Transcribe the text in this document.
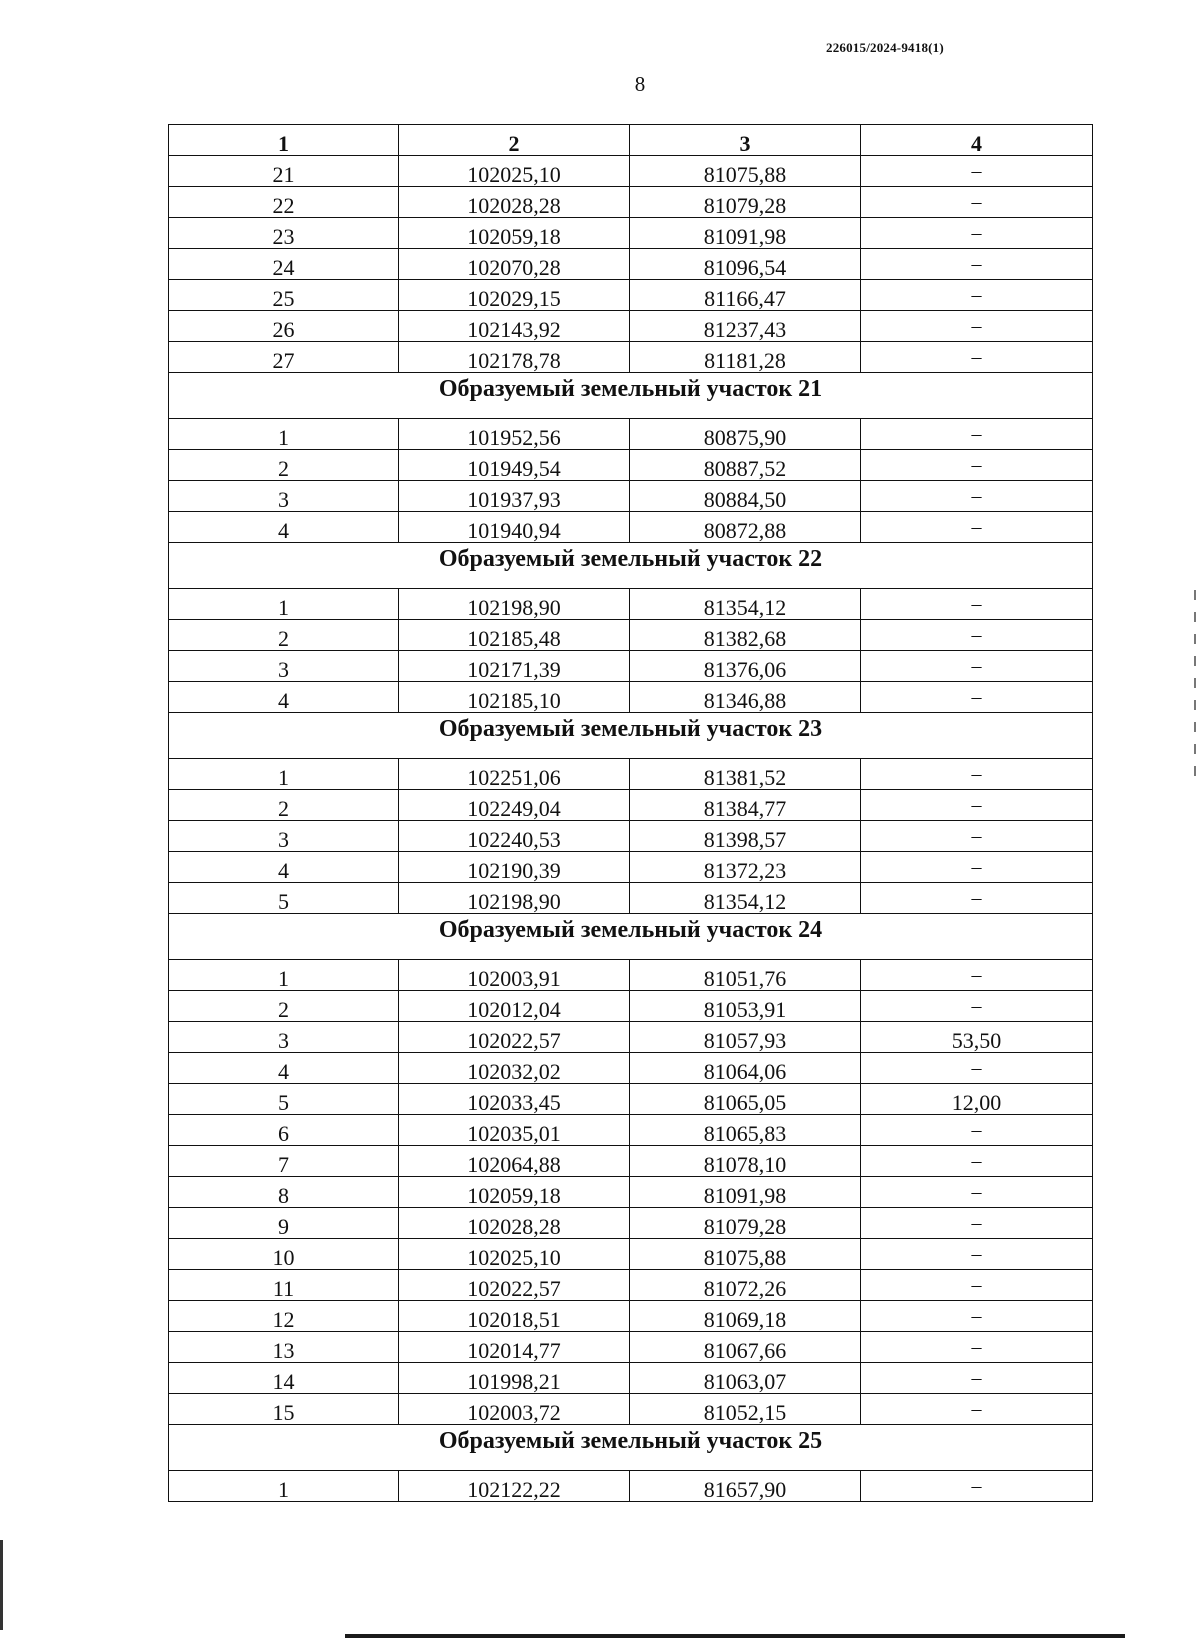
226015/2024-9418(1)
8
1	2	3	4
21	102025,10	81075,88	–
22	102028,28	81079,28	–
23	102059,18	81091,98	–
24	102070,28	81096,54	–
25	102029,15	81166,47	–
26	102143,92	81237,43	–
27	102178,78	81181,28	–
Образуемый земельный участок 21			
1	101952,56	80875,90	–
2	101949,54	80887,52	–
3	101937,93	80884,50	–
4	101940,94	80872,88	–
Образуемый земельный участок 22			
1	102198,90	81354,12	–
2	102185,48	81382,68	–
3	102171,39	81376,06	–
4	102185,10	81346,88	–
Образуемый земельный участок 23			
1	102251,06	81381,52	–
2	102249,04	81384,77	–
3	102240,53	81398,57	–
4	102190,39	81372,23	–
5	102198,90	81354,12	–
Образуемый земельный участок 24			
1	102003,91	81051,76	–
2	102012,04	81053,91	–
3	102022,57	81057,93	53,50
4	102032,02	81064,06	–
5	102033,45	81065,05	12,00
6	102035,01	81065,83	–
7	102064,88	81078,10	–
8	102059,18	81091,98	–
9	102028,28	81079,28	–
10	102025,10	81075,88	–
11	102022,57	81072,26	–
12	102018,51	81069,18	–
13	102014,77	81067,66	–
14	101998,21	81063,07	–
15	102003,72	81052,15	–
Образуемый земельный участок 25			
1	102122,22	81657,90	–
